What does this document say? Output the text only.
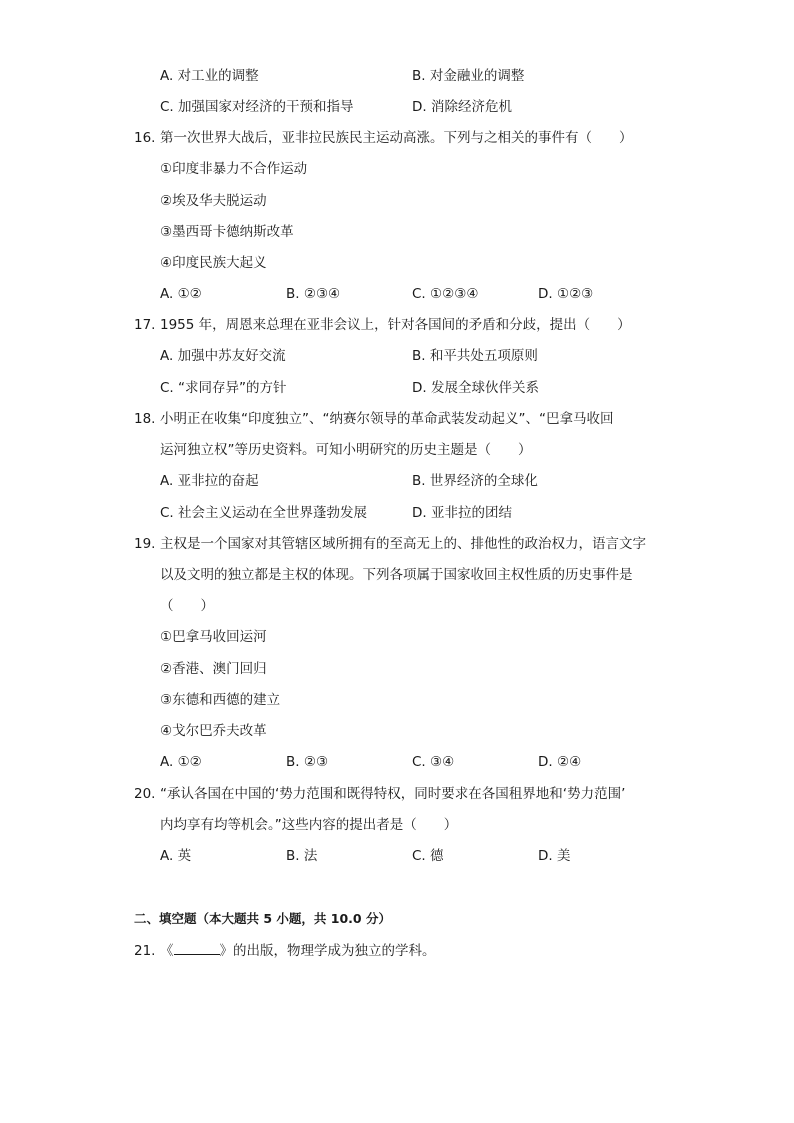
A. 对工业的调整	B. 对金融业的调整
C. 加强国家对经济的干预和指导	D. 消除经济危机
16. 第一次世界大战后，亚非拉民族民主运动高涨。下列与之相关的事件有（　　）
①印度非暴力不合作运动
②埃及华夫脱运动
③墨西哥卡德纳斯改革
④印度民族大起义
A. ①②	B. ②③④	C. ①②③④	D. ①②③
17. 1955 年，周恩来总理在亚非会议上，针对各国间的矛盾和分歧，提出（　　）
A. 加强中苏友好交流	B. 和平共处五项原则
C. “求同存异”的方针	D. 发展全球伙伴关系
18. 小明正在收集“印度独立”、“纳赛尔领导的革命武装发动起义”、“巴拿马收回
运河独立权”等历史资料。可知小明研究的历史主题是（　　）
A. 亚非拉的奋起	B. 世界经济的全球化
C. 社会主义运动在全世界蓬勃发展	D. 亚非拉的团结
19. 主权是一个国家对其管辖区域所拥有的至高无上的、排他性的政治权力，语言文字
以及文明的独立都是主权的体现。下列各项属于国家收回主权性质的历史事件是
（　　）
①巴拿马收回运河
②香港、澳门回归
③东德和西德的建立
④戈尔巴乔夫改革
A. ①②	B. ②③	C. ③④	D. ②④
20. “承认各国在中国的‘势力范围和既得特权，同时要求在各国租界地和‘势力范围’
内均享有均等机会。”这些内容的提出者是（　　）
A. 英	B. 法	C. 德	D. 美
二、填空题（本大题共 5 小题，共 10.0 分）
21. 《	》的出版，物理学成为独立的学科。
